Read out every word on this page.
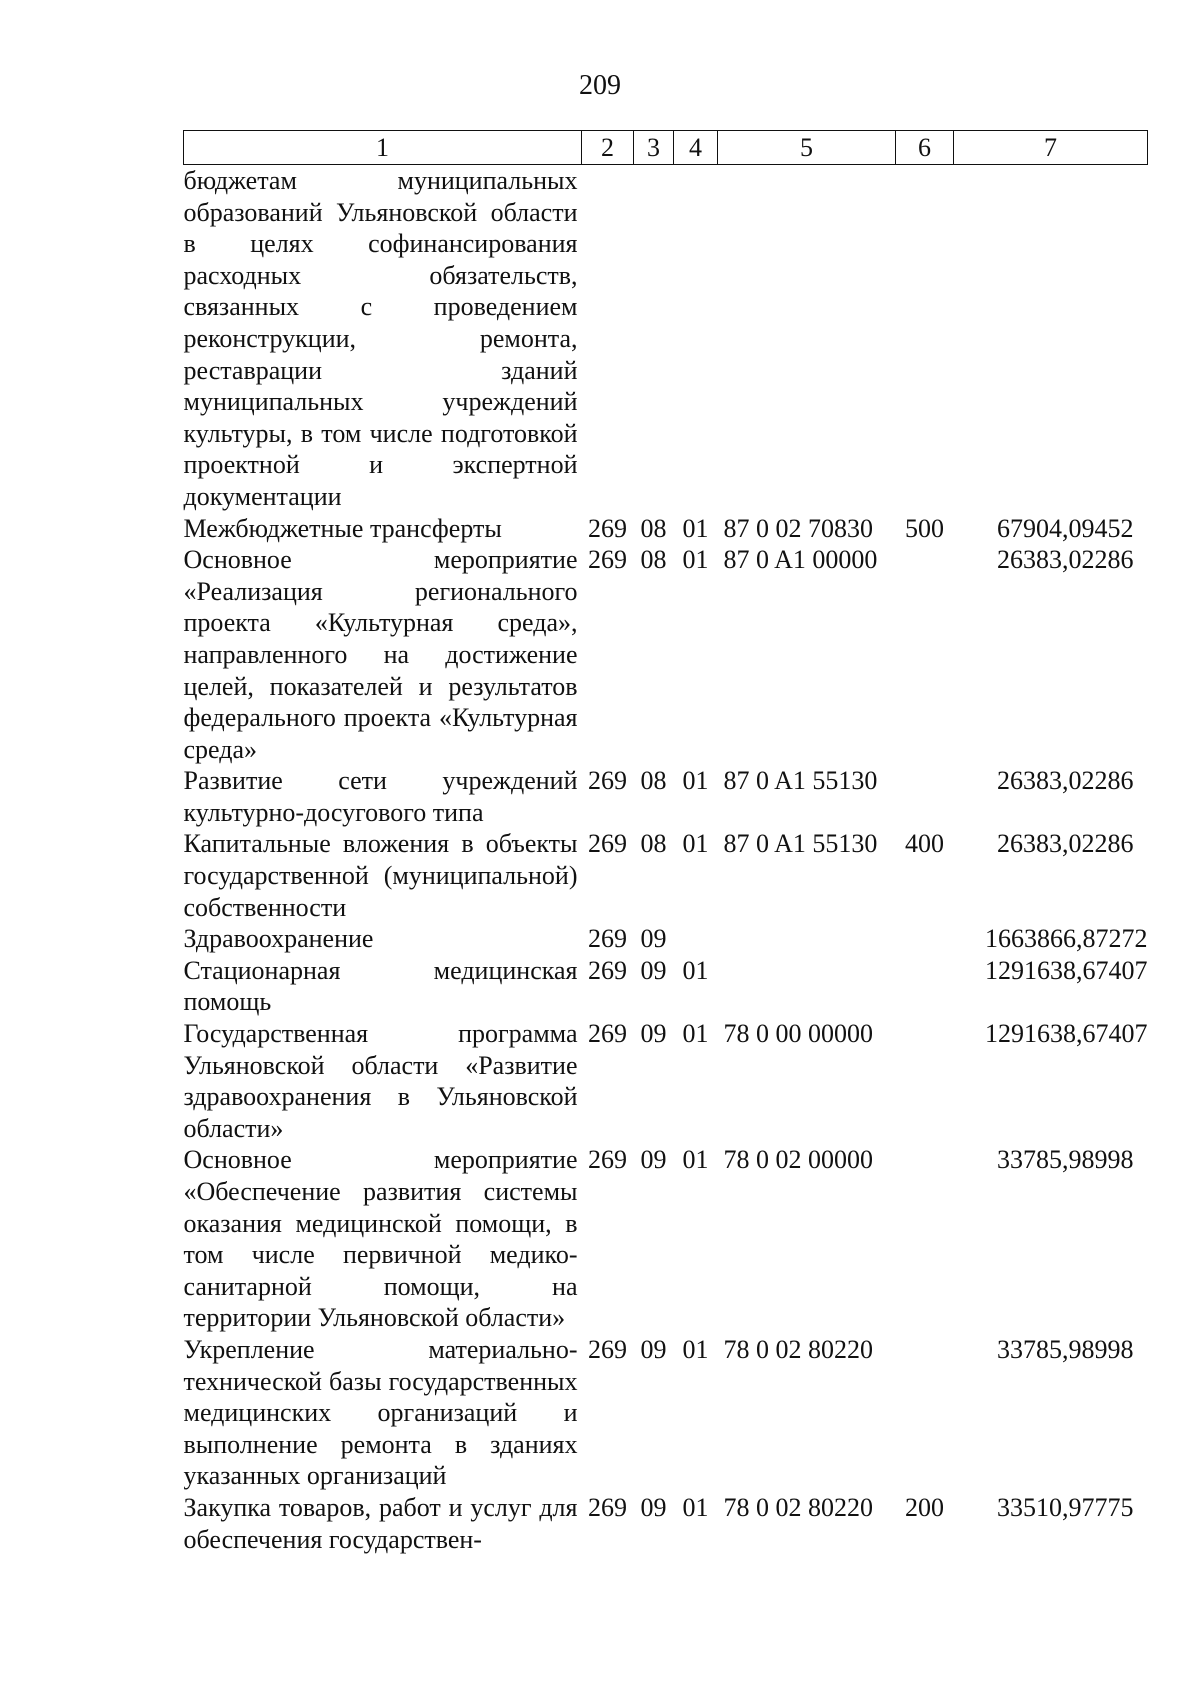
209
1	2	3	4	5	6	7
бюджетам муниципальных образований Ульяновской области в целях софинансирования расходных обязательств, связанных с проведением реконструкции, ремонта, реставрации зданий муниципальных учреждений культуры, в том числе подготовкой проектной и экспертной документации						
Межбюджетные трансферты	269	08	01	87 0 02 70830	500	67904,09452
Основное мероприятие «Реализация регионального проекта «Культурная среда», направленного на достижение целей, показателей и результатов федерального проекта «Культурная среда»	269	08	01	87 0 A1 00000		26383,02286
Развитие сети учреждений культурно-досугового типа	269	08	01	87 0 A1 55130		26383,02286
Капитальные вложения в объекты государственной (муниципальной) собственности	269	08	01	87 0 A1 55130	400	26383,02286
Здравоохранение	269	09				1663866,87272
Стационарная медицинская помощь	269	09	01			1291638,67407
Государственная программа Ульяновской области «Развитие здравоохранения в Ульяновской области»	269	09	01	78 0 00 00000		1291638,67407
Основное мероприятие «Обеспечение развития системы оказания медицинской помощи, в том числе первичной медико-санитарной помощи, на территории Ульяновской области»	269	09	01	78 0 02 00000		33785,98998
Укрепление материально-технической базы государственных медицинских организаций и выполнение ремонта в зданиях указанных организаций	269	09	01	78 0 02 80220		33785,98998
Закупка товаров, работ и услуг для обеспечения государствен-	269	09	01	78 0 02 80220	200	33510,97775
